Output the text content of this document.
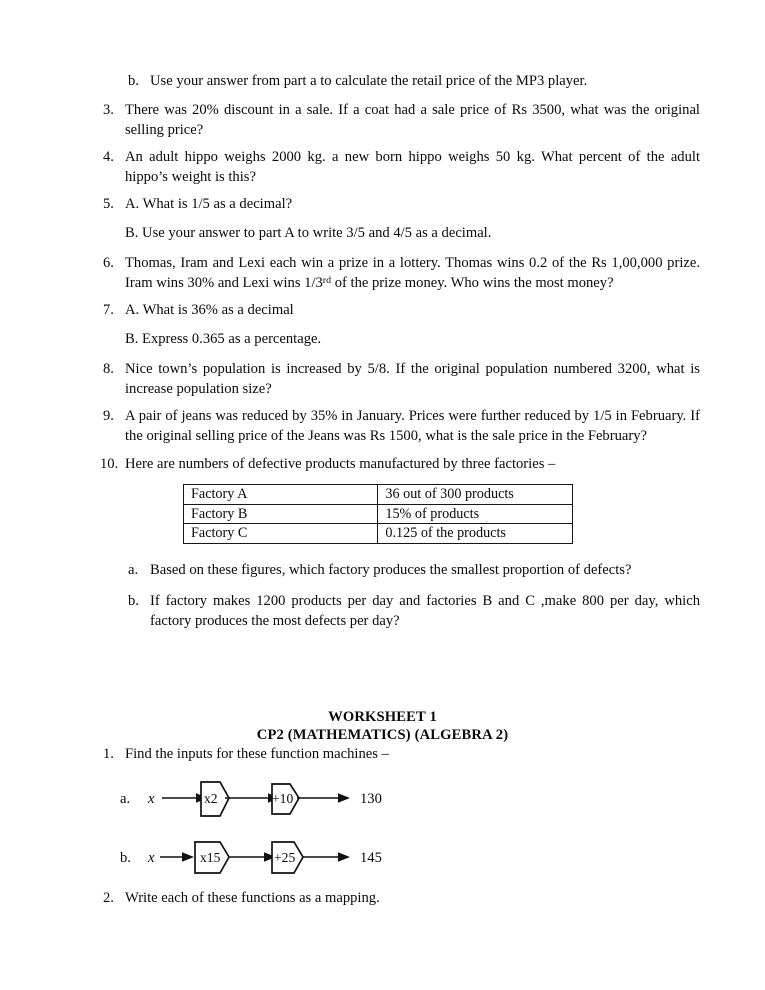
b. Use your answer from part a to calculate the retail price of the MP3 player.
3. There was 20% discount in a sale. If a coat had a sale price of Rs 3500, what was the original selling price?
4. An adult hippo weighs 2000 kg. a new born hippo weighs 50 kg. What percent of the adult hippo’s weight is this?
5. A. What is 1/5 as a decimal?
B. Use your answer to part A to write 3/5 and 4/5 as a decimal.
6. Thomas, Iram and Lexi each win a prize in a lottery. Thomas wins 0.2 of the Rs 1,00,000 prize. Iram wins 30% and Lexi wins 1/3rd of the prize money. Who wins the most money?
7. A. What is 36% as a decimal
B. Express 0.365 as a percentage.
8. Nice town’s population is increased by 5/8. If the original population numbered 3200, what is increase population size?
9. A pair of jeans was reduced by 35% in January. Prices were further reduced by 1/5 in February. If the original selling price of the Jeans was Rs 1500, what is the sale price in the February?
10. Here are numbers of defective products manufactured by three factories –
Factory A	36 out of 300 products
Factory B	15% of products
Factory C	0.125 of the products
a. Based on these figures, which factory produces the smallest proportion of defects?
b. If factory makes 1200 products per day and factories B and C ,make 800 per day, which factory produces the most defects per day?
WORKSHEET 1
CP2 (MATHEMATICS) (ALGEBRA 2)
1. Find the inputs for these function machines –
a.	x	x2	+10	130
b.	x	x15	+25	145
2. Write each of these functions as a mapping.
